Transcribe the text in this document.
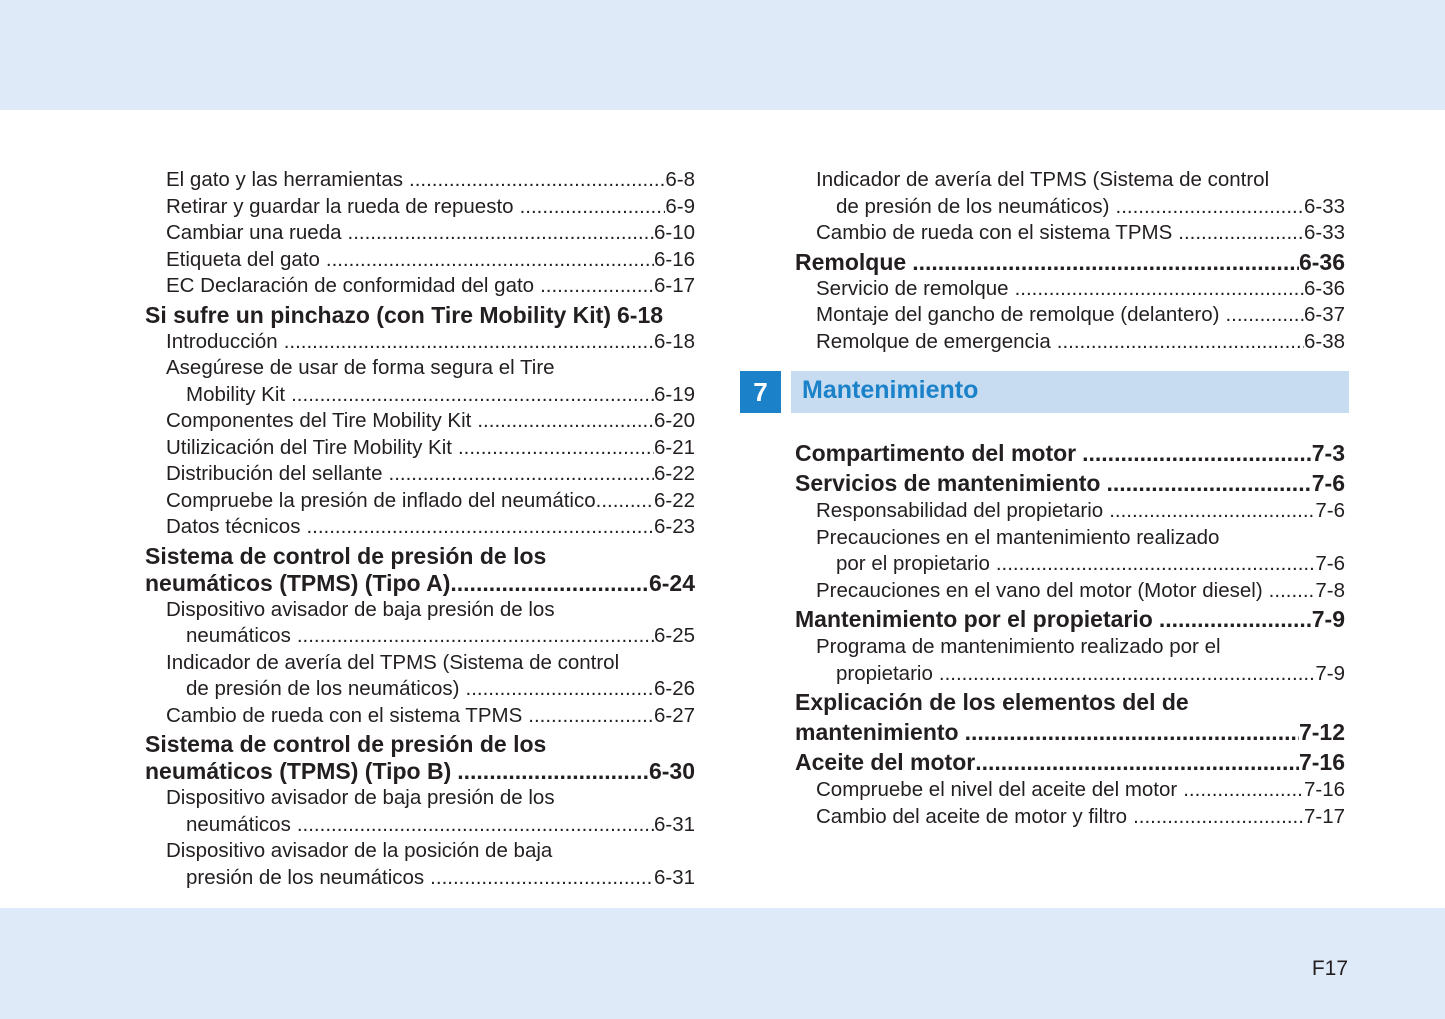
El gato y las herramientas .....	6-8
Retirar y guardar la rueda de repuesto .....	6-9
Cambiar una rueda .....	6-10
Etiqueta del gato .....	6-16
EC Declaración de conformidad del gato .....	6-17
Si sufre un pinchazo (con Tire Mobility Kit) 6-18
Introducción .....	6-18
Asegúrese de usar de forma segura el Tire
Mobility Kit .....	6-19
Componentes del Tire Mobility Kit .....	6-20
Utilizicación del Tire Mobility Kit .....	6-21
Distribución del sellante .....	6-22
Compruebe la presión de inflado del neumático .....	6-22
Datos técnicos .....	6-23
Sistema de control de presión de los
neumáticos (TPMS) (Tipo A) .....	6-24
Dispositivo avisador de baja presión de los
neumáticos .....	6-25
Indicador de avería del TPMS (Sistema de control
de presión de los neumáticos) .....	6-26
Cambio de rueda con el sistema TPMS .....	6-27
Sistema de control de presión de los
neumáticos (TPMS) (Tipo B) .....	6-30
Dispositivo avisador de baja presión de los
neumáticos .....	6-31
Dispositivo avisador de la posición de baja
presión de los neumáticos .....	6-31
Indicador de avería del TPMS (Sistema de control
de presión de los neumáticos) .....	6-33
Cambio de rueda con el sistema TPMS .....	6-33
Remolque .....	6-36
Servicio de remolque .....	6-36
Montaje del gancho de remolque (delantero) .....	6-37
Remolque de emergencia .....	6-38
7	Mantenimiento
Compartimento del motor .....	7-3
Servicios de mantenimiento .....	7-6
Responsabilidad del propietario .....	7-6
Precauciones en el mantenimiento realizado
por el propietario .....	7-6
Precauciones en el vano del motor (Motor diesel) .....	7-8
Mantenimiento por el propietario .....	7-9
Programa de mantenimiento realizado por el
propietario .....	7-9
Explicación de los elementos del de
mantenimiento .....	7-12
Aceite del motor .....	7-16
Compruebe el nivel del aceite del motor .....	7-16
Cambio del aceite de motor y filtro .....	7-17
F17
